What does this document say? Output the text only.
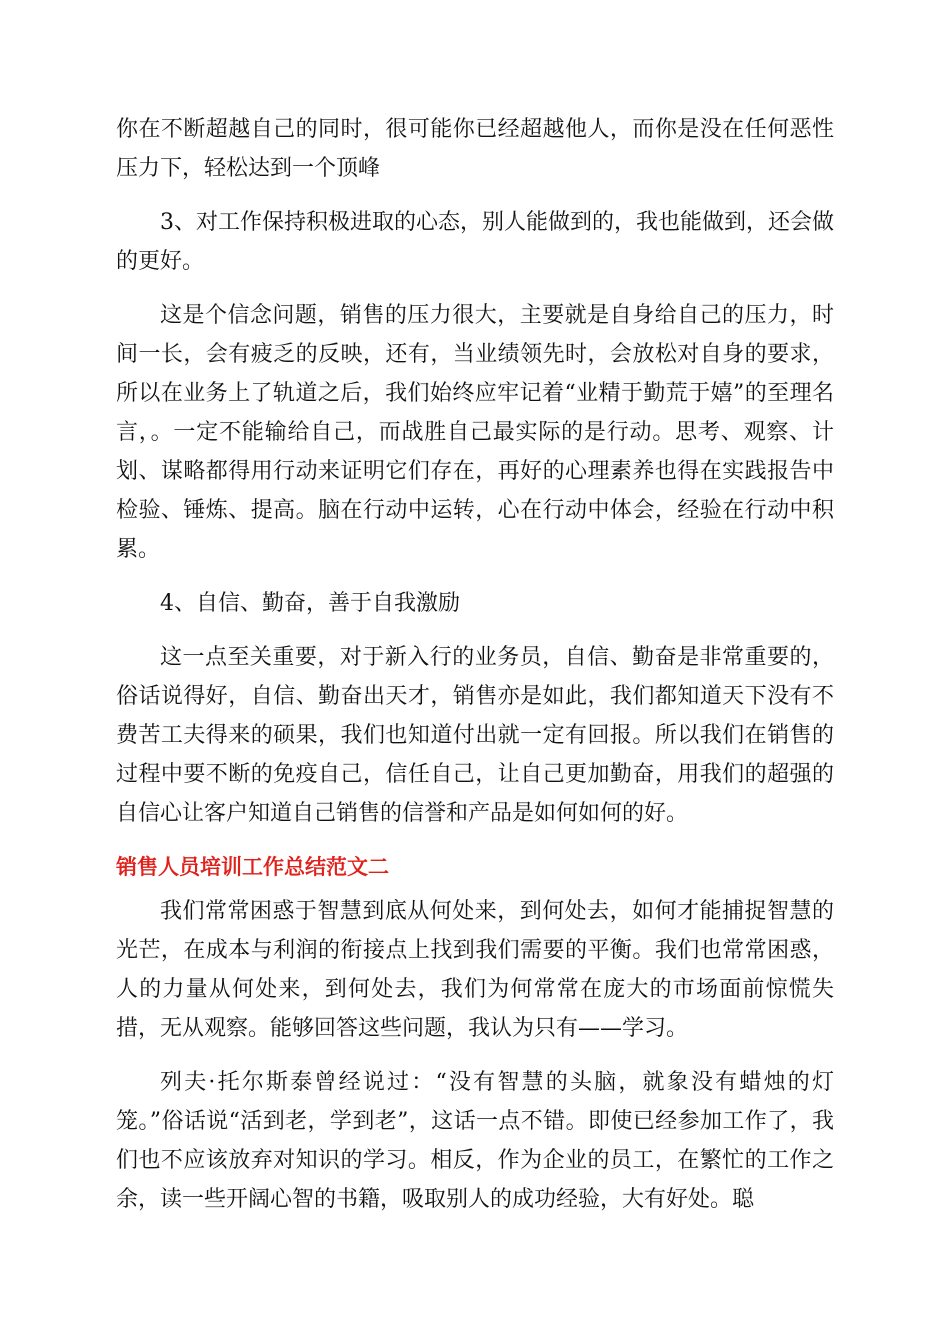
你在不断超越自己的同时，很可能你已经超越他人，而你是没在任何恶性压力下，轻松达到一个顶峰

3、对工作保持积极进取的心态，别人能做到的，我也能做到，还会做的更好。

这是个信念问题，销售的压力很大，主要就是自身给自己的压力，时间一长，会有疲乏的反映，还有，当业绩领先时，会放松对自身的要求，所以在业务上了轨道之后，我们始终应牢记着“业精于勤荒于嬉”的至理名言，。一定不能输给自己，而战胜自己最实际的是行动。思考、观察、计划、谋略都得用行动来证明它们存在，再好的心理素养也得在实践报告中检验、锤炼、提高。脑在行动中运转，心在行动中体会，经验在行动中积累。

4、自信、勤奋，善于自我激励

这一点至关重要，对于新入行的业务员，自信、勤奋是非常重要的，俗话说得好，自信、勤奋出天才，销售亦是如此，我们都知道天下没有不费苦工夫得来的硕果，我们也知道付出就一定有回报。所以我们在销售的过程中要不断的免疫自己，信任自己，让自己更加勤奋，用我们的超强的自信心让客户知道自己销售的信誉和产品是如何如何的好。

销售人员培训工作总结范文二

我们常常困惑于智慧到底从何处来，到何处去，如何才能捕捉智慧的光芒，在成本与利润的衔接点上找到我们需要的平衡。我们也常常困惑，人的力量从何处来，到何处去，我们为何常常在庞大的市场面前惊慌失措，无从观察。能够回答这些问题，我认为只有——学习。

列夫·托尔斯泰曾经说过：“没有智慧的头脑，就象没有蜡烛的灯笼。”俗话说“活到老，学到老”，这话一点不错。即使已经参加工作了，我们也不应该放弃对知识的学习。相反，作为企业的员工，在繁忙的工作之余，读一些开阔心智的书籍，吸取别人的成功经验，大有好处。聪
